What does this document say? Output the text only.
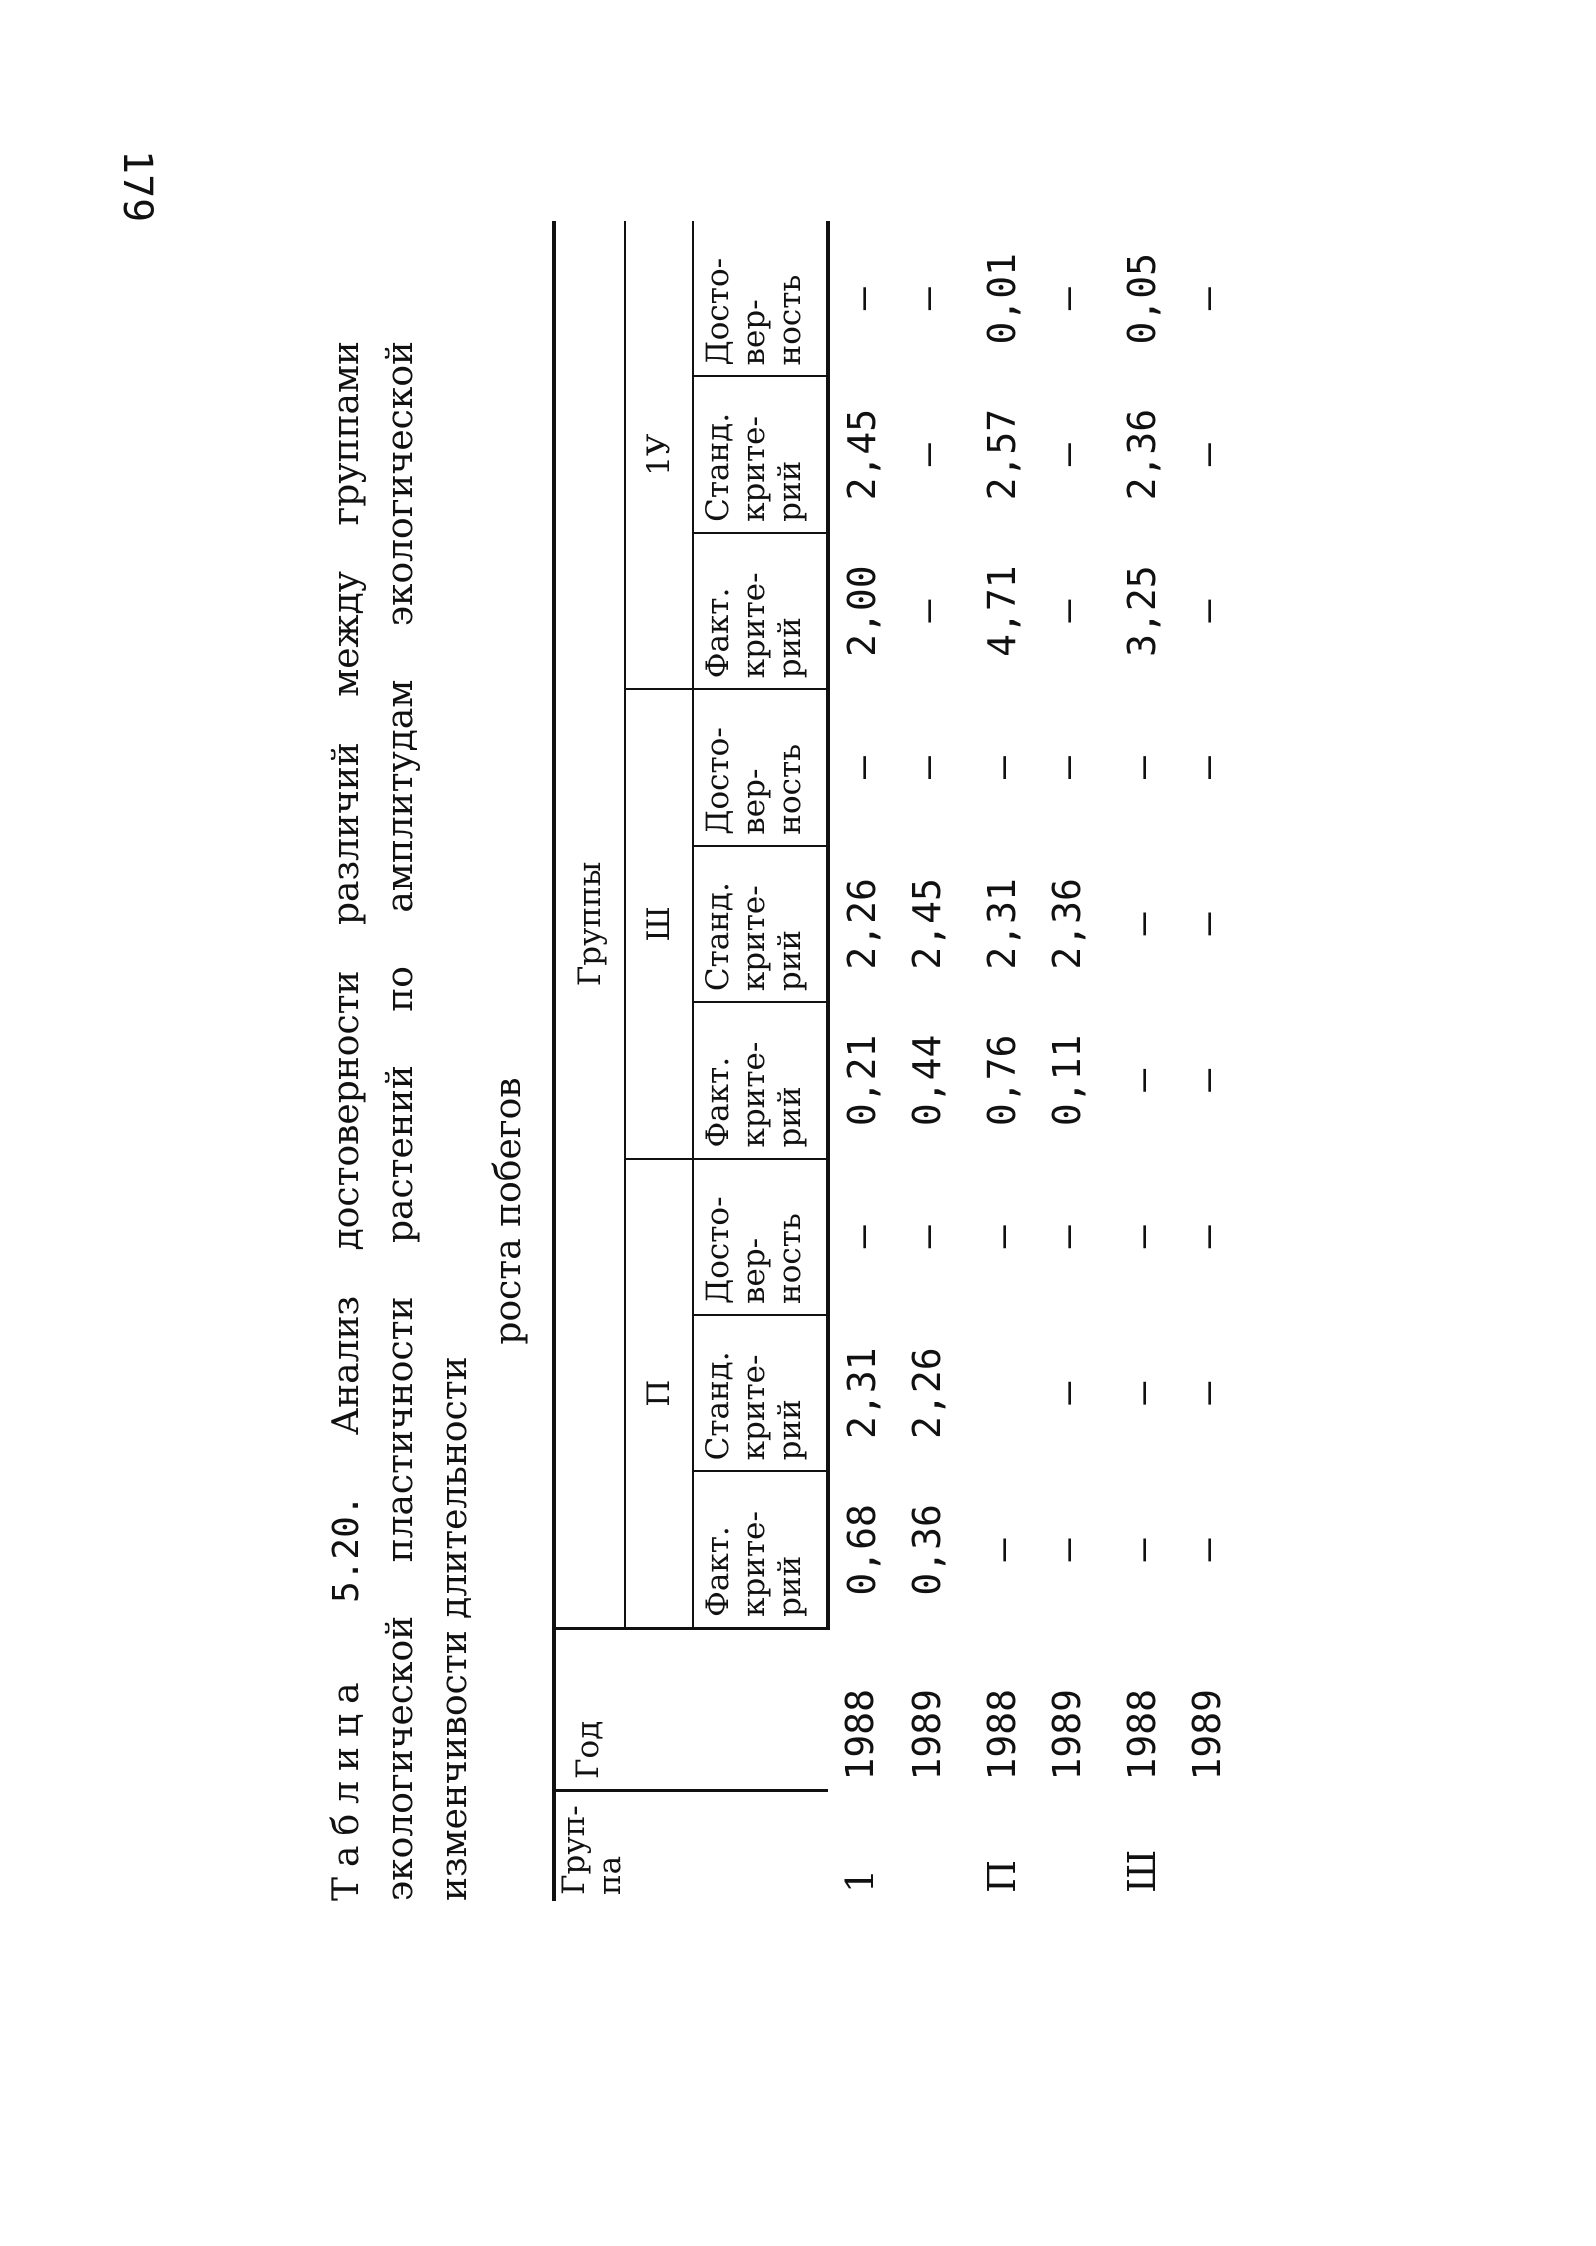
Таблица 5.20. Анализ достоверности различий между группами экологической пластичности растений по амплитудам экологической изменчивости длительности
роста побегов
Груп- па	Год	Группы								
		П			Ш			1У		

		Факт. крите- рий	Станд. крите- рий	Досто- вер- ность	Факт. крите- рий	Станд. крите- рий	Досто- вер- ность	Факт. крите- рий	Станд. крите- рий	Досто- вер- ность

1	1988	0,68	2,31	–	0,21	2,26	–	2,00	2,45	–
	1989	0,36	2,26	–	0,44	2,45	–	–	–	–
П	1988	–		–	0,76	2,31	–	4,71	2,57	0,01
	1989	–	–	–	0,11	2,36	–	–	–	–
Ш	1988	–	–	–	–	–	–	3,25	2,36	0,05
	1989	–	–	–	–	–	–	–	–	–
179
